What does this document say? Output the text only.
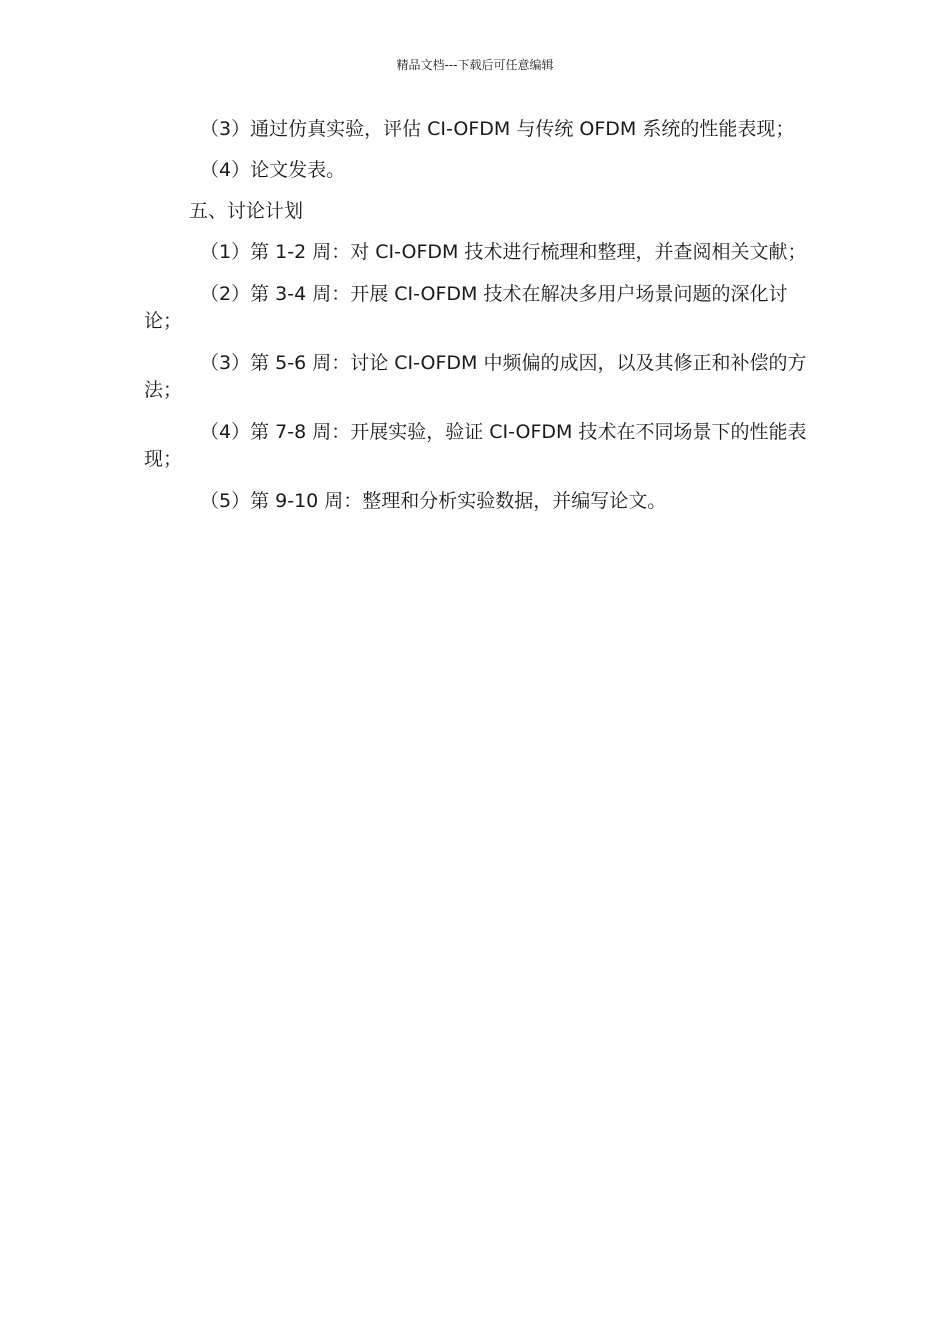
精品文档---下载后可任意编辑

（3）通过仿真实验，评估 CI-OFDM 与传统 OFDM 系统的性能表现；

（4）论文发表。

五、讨论计划

（1）第 1-2 周：对 CI-OFDM 技术进行梳理和整理，并查阅相关文献；

（2）第 3-4 周：开展 CI-OFDM 技术在解决多用户场景问题的深化讨论；

（3）第 5-6 周：讨论 CI-OFDM 中频偏的成因，以及其修正和补偿的方法；

（4）第 7-8 周：开展实验，验证 CI-OFDM 技术在不同场景下的性能表现；

（5）第 9-10 周：整理和分析实验数据，并编写论文。
